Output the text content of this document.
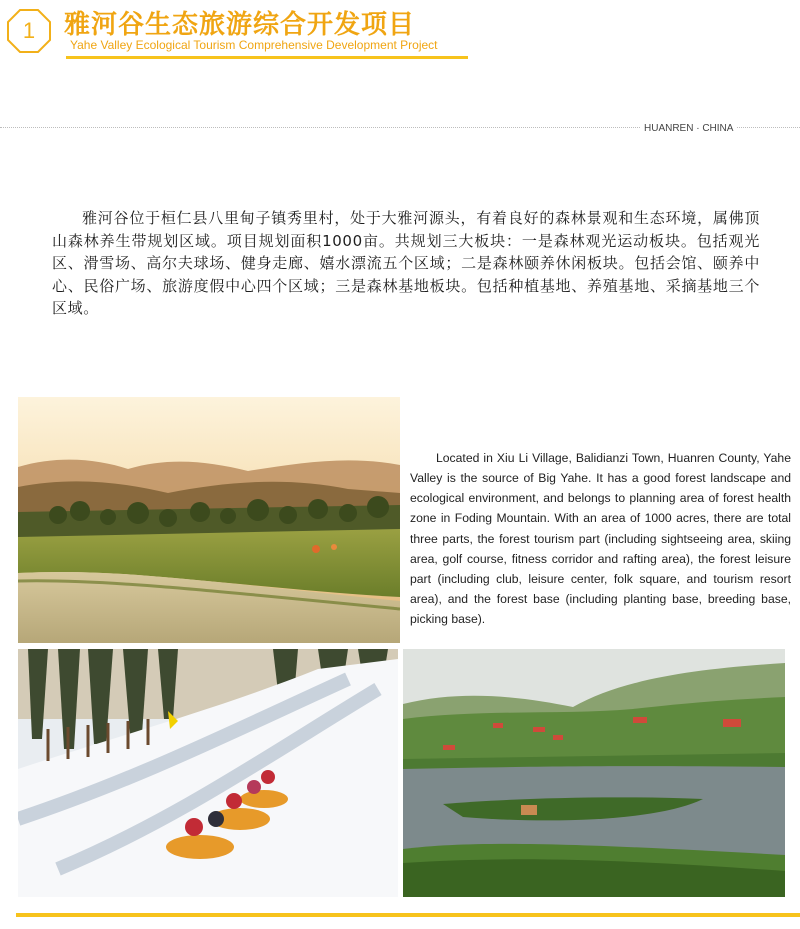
1	雅河谷生态旅游综合开发项目
Yahe Valley Ecological Tourism Comprehensive Development Project
HUANREN · CHINA

雅河谷位于桓仁县八里甸子镇秀里村，处于大雅河源头，有着良好的森林景观和生态环境，属佛顶山森林养生带规划区域。项目规划面积1000亩。共规划三大板块：一是森林观光运动板块。包括观光区、滑雪场、高尔夫球场、健身走廊、嬉水漂流五个区域；二是森林颐养休闲板块。包括会馆、颐养中心、民俗广场、旅游度假中心四个区域；三是森林基地板块。包括种植基地、养殖基地、采摘基地三个区域。

Located in Xiu Li Village, Balidianzi Town, Huanren County, Yahe Valley is the source of Big Yahe. It has a good forest landscape and ecological environment, and belongs to planning area of forest health zone in Foding Mountain. With an area of 1000 acres, there are total three parts, the forest tourism part (including sightseeing area, skiing area, golf course, fitness corridor and rafting area), the forest leisure part (including club, leisure center, folk square, and tourism resort area), and the forest base (including planting base, breeding base, picking base).
